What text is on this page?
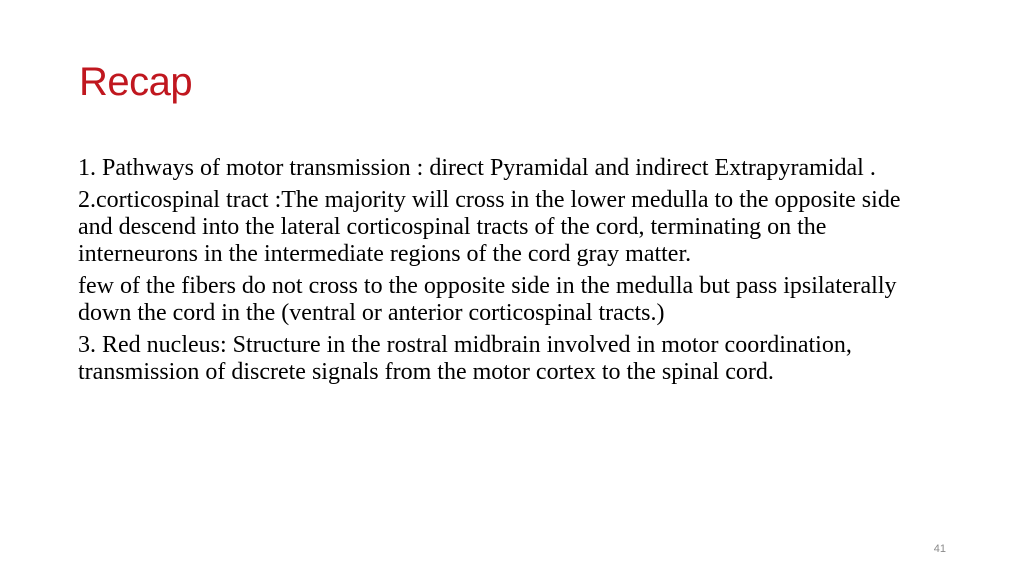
Recap

1. Pathways of motor transmission : direct Pyramidal and indirect Extrapyramidal .

2.corticospinal tract :The majority will cross in the lower medulla to the opposite side and descend into the lateral corticospinal tracts of the cord, terminating on the interneurons in the intermediate regions of the cord gray matter.

few of the fibers do not cross to the opposite side in the medulla but pass ipsilaterally down the cord in the (ventral or anterior corticospinal tracts.)

3. Red nucleus: Structure in the rostral midbrain involved in motor coordination, transmission of discrete signals from the motor cortex to the spinal cord.

41
